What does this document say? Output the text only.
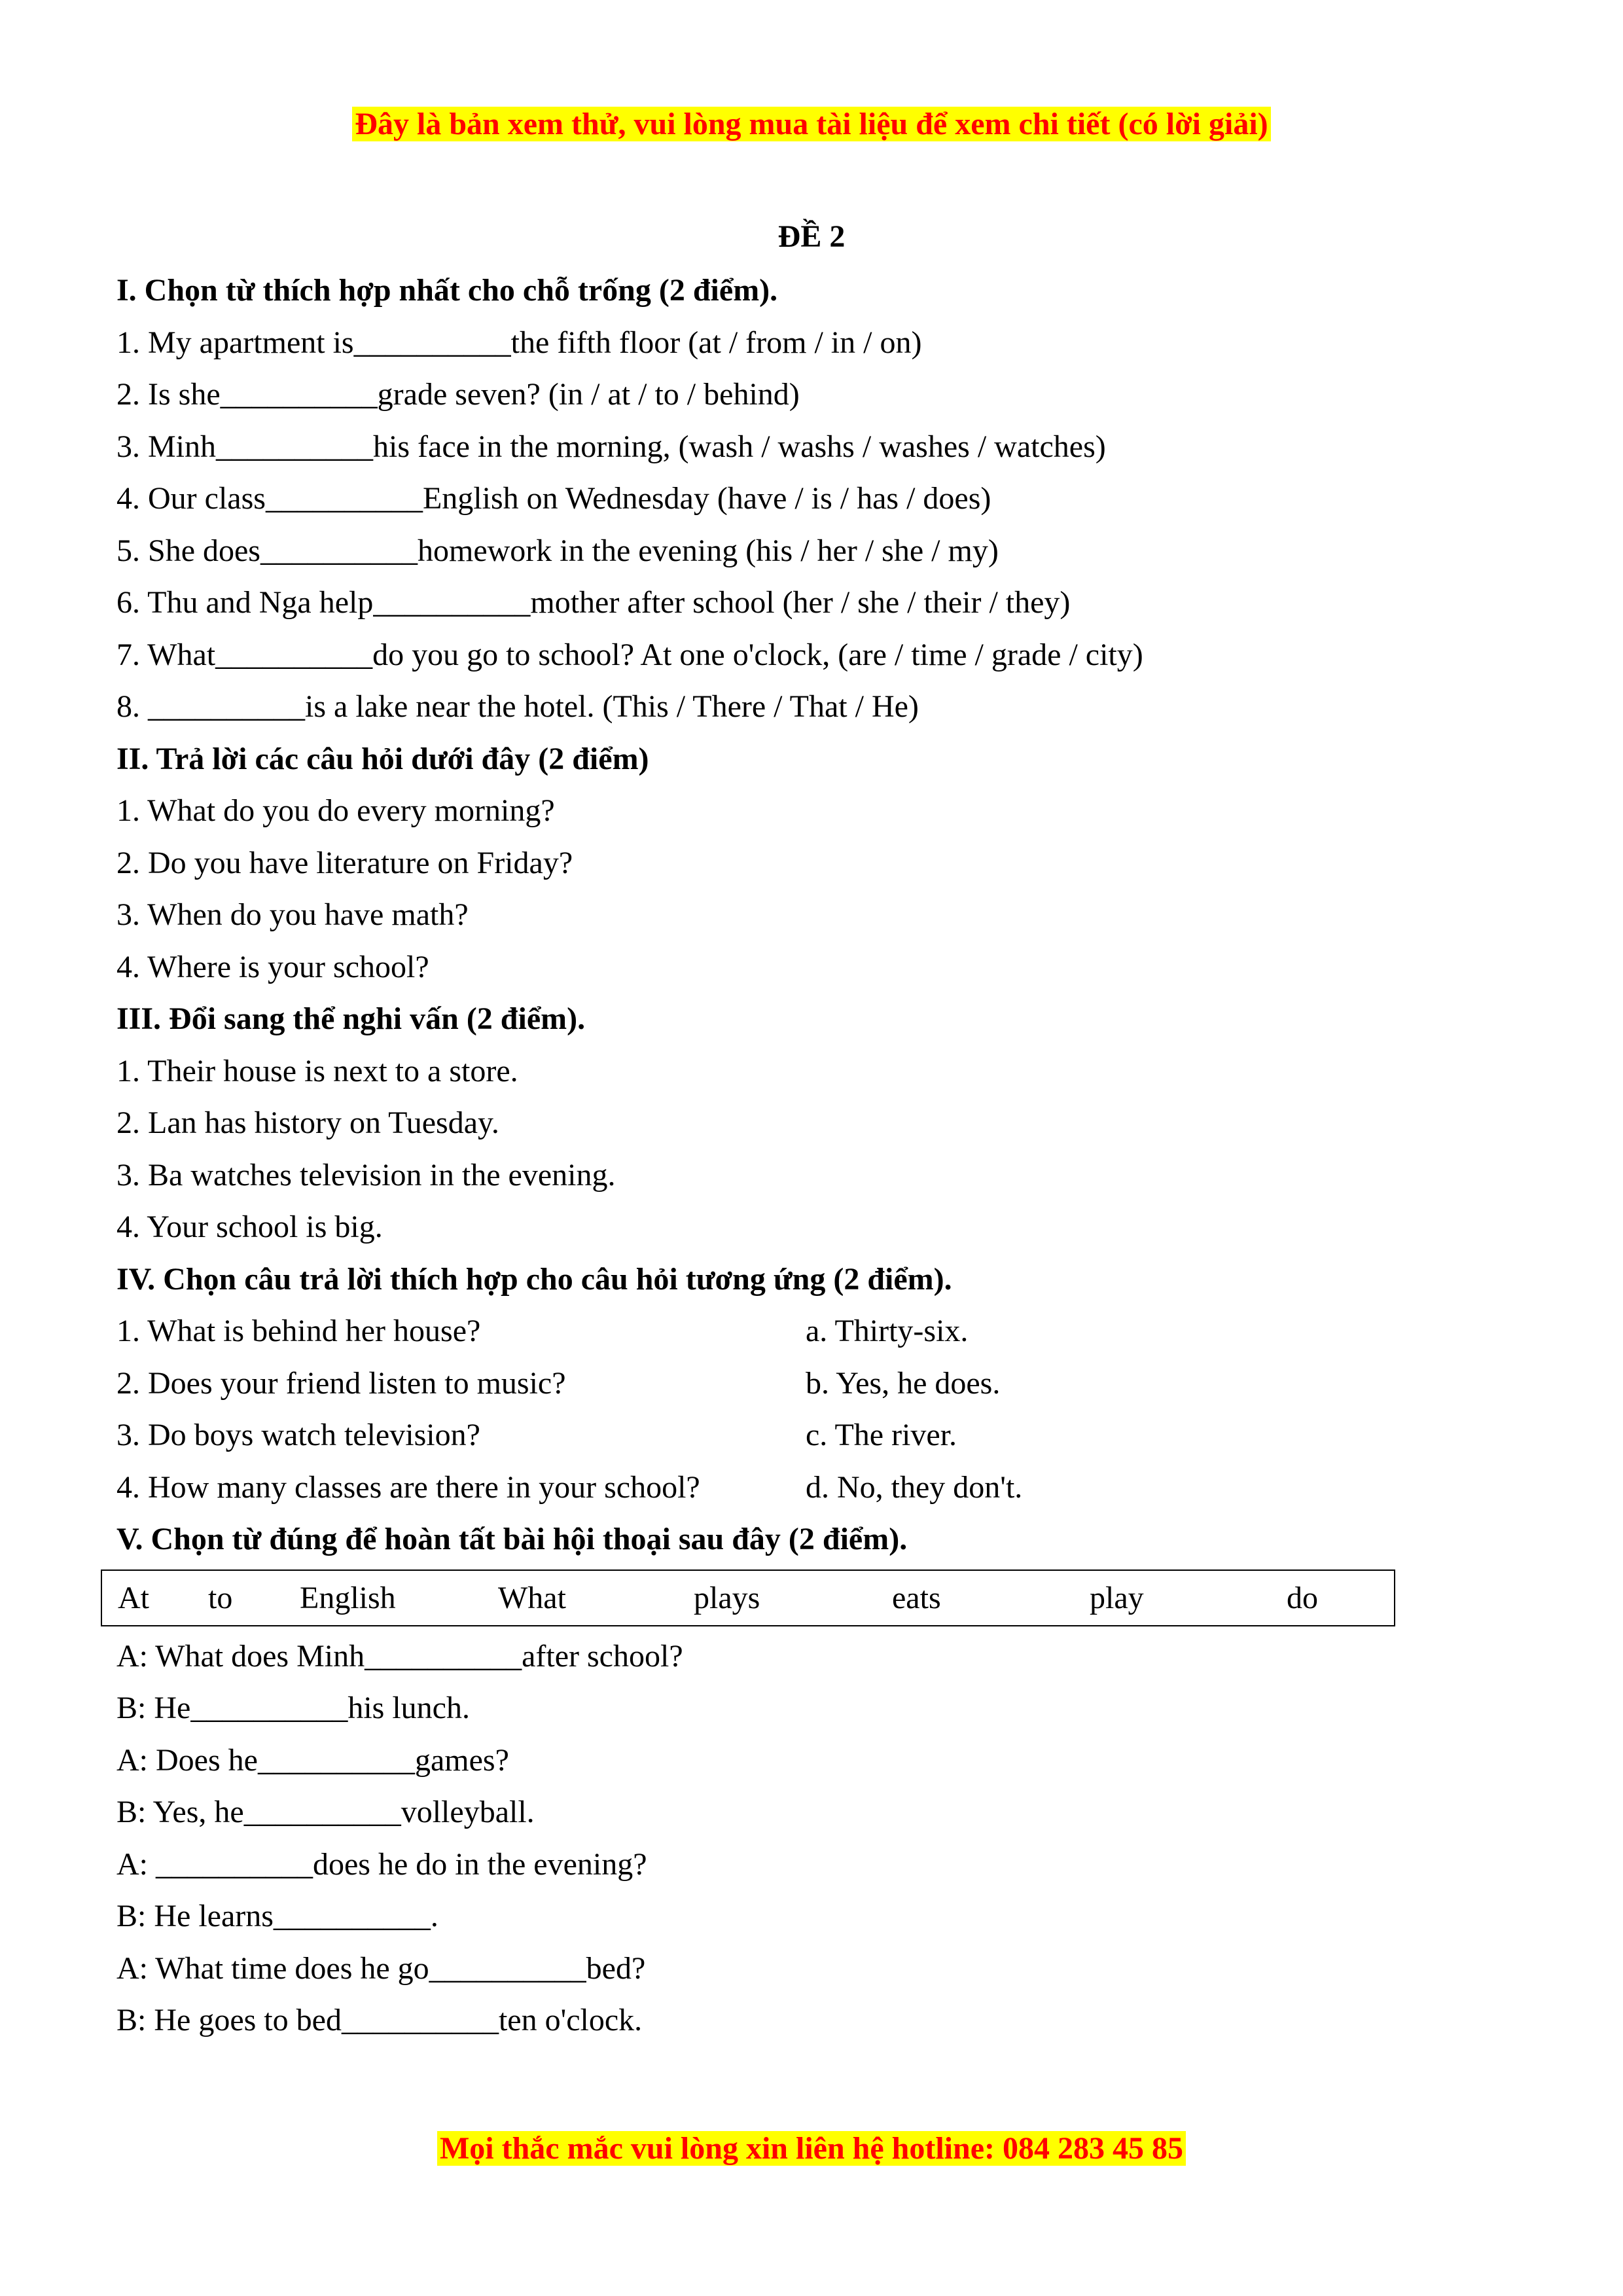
Đây là bản xem thử, vui lòng mua tài liệu để xem chi tiết (có lời giải)
ĐỀ 2
I. Chọn từ thích hợp nhất cho chỗ trống (2 điểm).
1. My apartment is__________the fifth floor (at / from / in / on)
2. Is she__________grade seven? (in / at / to / behind)
3. Minh__________his face in the morning, (wash / washs / washes / watches)
4. Our class__________English on Wednesday (have / is / has / does)
5. She does__________homework in the evening (his / her / she / my)
6. Thu and Nga help__________mother after school (her / she / their / they)
7. What__________do you go to school? At one o'clock, (are / time / grade / city)
8. __________is a lake near the hotel. (This / There / That / He)
II. Trả lời các câu hỏi dưới đây (2 điểm)
1. What do you do every morning?
2. Do you have literature on Friday?
3. When do you have math?
4. Where is your school?
III. Đổi sang thể nghi vấn (2 điểm).
1. Their house is next to a store.
2. Lan has history on Tuesday.
3. Ba watches television in the evening.
4. Your school is big.
IV. Chọn câu trả lời thích hợp cho câu hỏi tương ứng (2 điểm).
1. What is behind her house?	a. Thirty-six.
2. Does your friend listen to music?	b. Yes, he does.
3. Do boys watch television?	c. The river.
4. How many classes are there in your school?	d. No, they don't.
V. Chọn từ đúng để hoàn tất bài hội thoại sau đây (2 điểm).
At to English	What	plays	eats	play	do
A: What does Minh__________after school?
B: He__________his lunch.
A: Does he__________games?
B: Yes, he__________volleyball.
A: __________does he do in the evening?
B: He learns__________.
A: What time does he go__________bed?
B: He goes to bed__________ten o'clock.
Mọi thắc mắc vui lòng xin liên hệ hotline: 084 283 45 85
